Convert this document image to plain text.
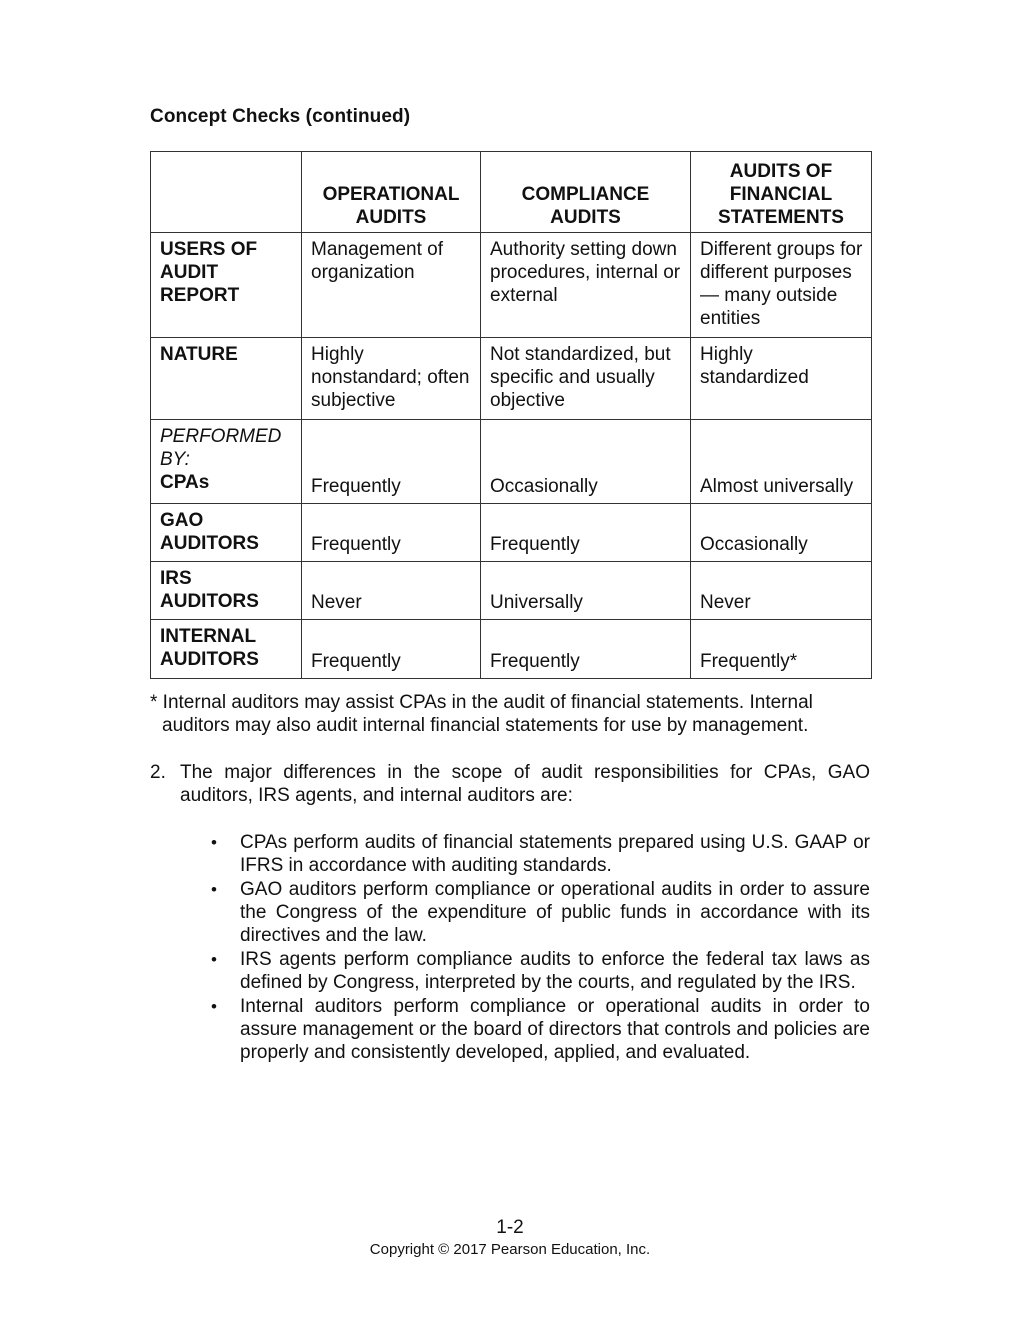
Concept Checks (continued)
	OPERATIONAL AUDITS	COMPLIANCE AUDITS	AUDITS OF FINANCIAL STATEMENTS
USERS OF AUDIT REPORT	Management of organization	Authority setting down procedures, internal or external	Different groups for different purposes — many outside entities
NATURE	Highly nonstandard; often subjective	Not standardized, but specific and usually objective	Highly standardized

PERFORMED BY:
CPAs	Frequently	Occasionally	Almost universally
GAO AUDITORS	Frequently	Frequently	Occasionally
IRS AUDITORS	Never	Universally	Never
INTERNAL AUDITORS	Frequently	Frequently	Frequently*
* Internal auditors may assist CPAs in the audit of financial statements. Internal
auditors may also audit internal financial statements for use by management.
2. The major differences in the scope of audit responsibilities for CPAs, GAO auditors, IRS agents, and internal auditors are:
• CPAs perform audits of financial statements prepared using U.S. GAAP or IFRS in accordance with auditing standards.
• GAO auditors perform compliance or operational audits in order to assure the Congress of the expenditure of public funds in accordance with its directives and the law.
• IRS agents perform compliance audits to enforce the federal tax laws as defined by Congress, interpreted by the courts, and regulated by the IRS.
• Internal auditors perform compliance or operational audits in order to assure management or the board of directors that controls and policies are properly and consistently developed, applied, and evaluated.
1-2
Copyright © 2017 Pearson Education, Inc.
